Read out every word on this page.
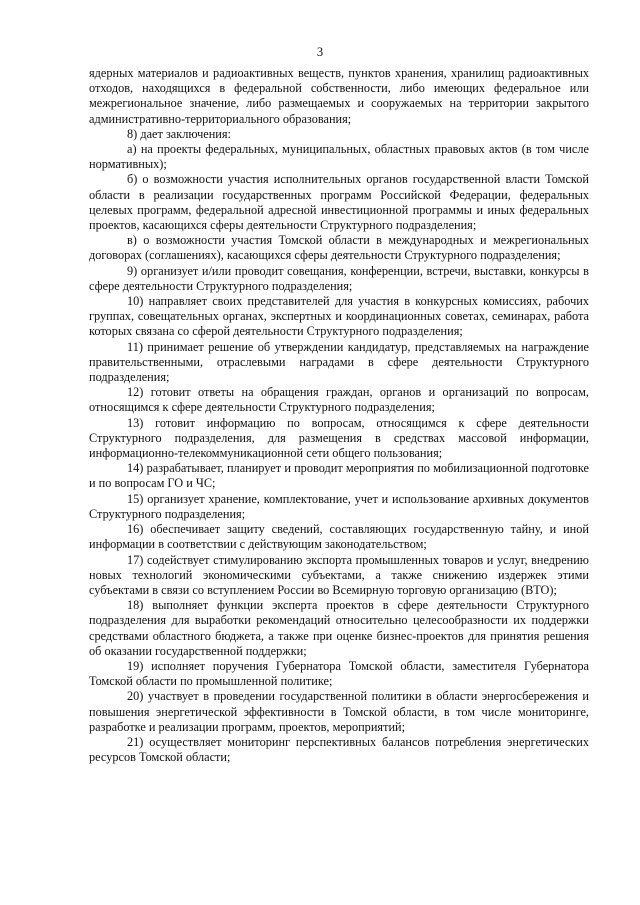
3

ядерных материалов и радиоактивных веществ, пунктов хранения, хранилищ радиоактивных отходов, находящихся в федеральной собственности, либо имеющих федеральное или межрегиональное значение, либо размещаемых и сооружаемых на территории закрытого административно-территориального образования;

8) дает заключения:

а) на проекты федеральных, муниципальных, областных правовых актов (в том числе нормативных);

б) о возможности участия исполнительных органов государственной власти Томской области в реализации государственных программ Российской Федерации, федеральных целевых программ, федеральной адресной инвестиционной программы и иных федеральных проектов, касающихся сферы деятельности Структурного подразделения;

в) о возможности участия Томской области в международных и межрегиональных договорах (соглашениях), касающихся сферы деятельности Структурного подразделения;

9) организует и/или проводит совещания, конференции, встречи, выставки, конкурсы в сфере деятельности Структурного подразделения;

10) направляет своих представителей для участия в конкурсных комиссиях, рабочих группах, совещательных органах, экспертных и координационных советах, семинарах, работа которых связана со сферой деятельности Структурного подразделения;

11) принимает решение об утверждении кандидатур, представляемых на награждение правительственными, отраслевыми наградами в сфере деятельности Структурного подразделения;

12) готовит ответы на обращения граждан, органов и организаций по вопросам, относящимся к сфере деятельности Структурного подразделения;

13) готовит информацию по вопросам, относящимся к сфере деятельности Структурного подразделения, для размещения в средствах массовой информации, информационно-телекоммуникационной сети общего пользования;

14) разрабатывает, планирует и проводит мероприятия по мобилизационной подготовке и по вопросам ГО и ЧС;

15) организует хранение, комплектование, учет и использование архивных документов Структурного подразделения;

16) обеспечивает защиту сведений, составляющих государственную тайну, и иной информации в соответствии с действующим законодательством;

17) содействует стимулированию экспорта промышленных товаров и услуг, внедрению новых технологий экономическими субъектами, а также снижению издержек этими субъектами в связи со вступлением России во Всемирную торговую организацию (ВТО);

18) выполняет функции эксперта проектов в сфере деятельности Структурного подразделения для выработки рекомендаций относительно целесообразности их поддержки средствами областного бюджета, а также при оценке бизнес-проектов для принятия решения об оказании государственной поддержки;

19) исполняет поручения Губернатора Томской области, заместителя Губернатора Томской области по промышленной политике;

20) участвует в проведении государственной политики в области энергосбережения и повышения энергетической эффективности в Томской области, в том числе мониторинге, разработке и реализации программ, проектов, мероприятий;

21) осуществляет мониторинг перспективных балансов потребления энергетических ресурсов Томской области;
